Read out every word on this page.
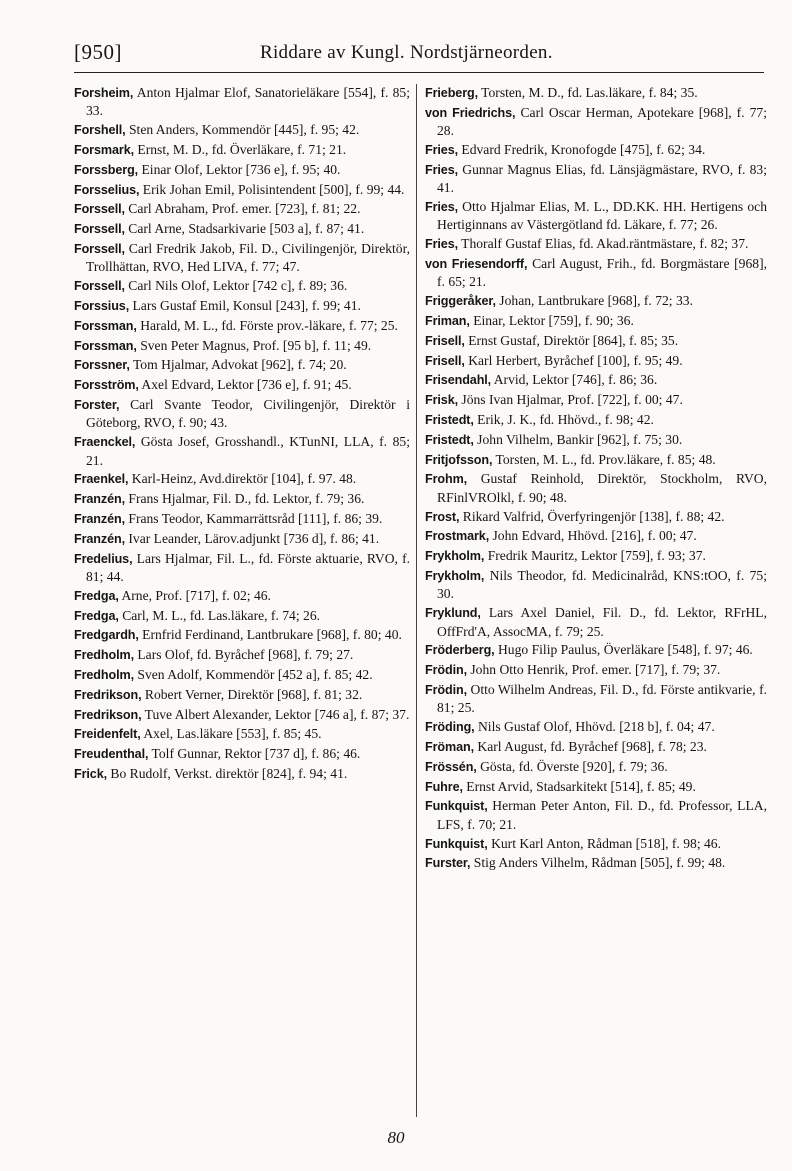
[950]	Riddare av Kungl. Nordstjärneorden.
Forsheim, Anton Hjalmar Elof, Sanatorieläkare [554], f. 85; 33.
Forshell, Sten Anders, Kommendör [445], f. 95; 42.
Forsmark, Ernst, M. D., fd. Överläkare, f. 71; 21.
Forssberg, Einar Olof, Lektor [736 e], f. 95; 40.
Forsselius, Erik Johan Emil, Polisintendent [500], f. 99; 44.
Forssell, Carl Abraham, Prof. emer. [723], f. 81; 22.
Forssell, Carl Arne, Stadsarkivarie [503 a], f. 87; 41.
Forssell, Carl Fredrik Jakob, Fil. D., Civilingenjör, Direktör, Trollhättan, RVO, Hed LIVA, f. 77; 47.
Forssell, Carl Nils Olof, Lektor [742 c], f. 89; 36.
Forssius, Lars Gustaf Emil, Konsul [243], f. 99; 41.
Forssman, Harald, M. L., fd. Förste prov.-läkare, f. 77; 25.
Forssman, Sven Peter Magnus, Prof. [95 b], f. 11; 49.
Forssner, Tom Hjalmar, Advokat [962], f. 74; 20.
Forsström, Axel Edvard, Lektor [736 e], f. 91; 45.
Forster, Carl Svante Teodor, Civilingenjör, Direktör i Göteborg, RVO, f. 90; 43.
Fraenckel, Gösta Josef, Grosshandl., KTunNI, LLA, f. 85; 21.
Fraenkel, Karl-Heinz, Avd.direktör [104], f. 97. 48.
Franzén, Frans Hjalmar, Fil. D., fd. Lektor, f. 79; 36.
Franzén, Frans Teodor, Kammarrättsråd [111], f. 86; 39.
Franzén, Ivar Leander, Lärov.adjunkt [736 d], f. 86; 41.
Fredelius, Lars Hjalmar, Fil. L., fd. Förste aktuarie, RVO, f. 81; 44.
Fredga, Arne, Prof. [717], f. 02; 46.
Fredga, Carl, M. L., fd. Las.läkare, f. 74; 26.
Fredgardh, Ernfrid Ferdinand, Lantbrukare [968], f. 80; 40.
Fredholm, Lars Olof, fd. Byråchef [968], f. 79; 27.
Fredholm, Sven Adolf, Kommendör [452 a], f. 85; 42.
Fredrikson, Robert Verner, Direktör [968], f. 81; 32.
Fredrikson, Tuve Albert Alexander, Lektor [746 a], f. 87; 37.
Freidenfelt, Axel, Las.läkare [553], f. 85; 45.
Freudenthal, Tolf Gunnar, Rektor [737 d], f. 86; 46.
Frick, Bo Rudolf, Verkst. direktör [824], f. 94; 41.
Frieberg, Torsten, M. D., fd. Las.läkare, f. 84; 35.
von Friedrichs, Carl Oscar Herman, Apotekare [968], f. 77; 28.
Fries, Edvard Fredrik, Kronofogde [475], f. 62; 34.
Fries, Gunnar Magnus Elias, fd. Länsjägmästare, RVO, f. 83; 41.
Fries, Otto Hjalmar Elias, M. L., DD.KK. HH. Hertigens och Hertiginnans av Västergötland fd. Läkare, f. 77; 26.
Fries, Thoralf Gustaf Elias, fd. Akad.räntmästare, f. 82; 37.
von Friesendorff, Carl August, Frih., fd. Borgmästare [968], f. 65; 21.
Friggeråker, Johan, Lantbrukare [968], f. 72; 33.
Friman, Einar, Lektor [759], f. 90; 36.
Frisell, Ernst Gustaf, Direktör [864], f. 85; 35.
Frisell, Karl Herbert, Byråchef [100], f. 95; 49.
Frisendahl, Arvid, Lektor [746], f. 86; 36.
Frisk, Jöns Ivan Hjalmar, Prof. [722], f. 00; 47.
Fristedt, Erik, J. K., fd. Hhövd., f. 98; 42.
Fristedt, John Vilhelm, Bankir [962], f. 75; 30.
Fritjofsson, Torsten, M. L., fd. Prov.läkare, f. 85; 48.
Frohm, Gustaf Reinhold, Direktör, Stockholm, RVO, RFinlVROlkl, f. 90; 48.
Frost, Rikard Valfrid, Överfyringenjör [138], f. 88; 42.
Frostmark, John Edvard, Hhövd. [216], f. 00; 47.
Frykholm, Fredrik Mauritz, Lektor [759], f. 93; 37.
Frykholm, Nils Theodor, fd. Medicinalråd, KNS:tOO, f. 75; 30.
Fryklund, Lars Axel Daniel, Fil. D., fd. Lektor, RFrHL, OffFrd'A, AssocMA, f. 79; 25.
Fröderberg, Hugo Filip Paulus, Överläkare [548], f. 97; 46.
Frödin, John Otto Henrik, Prof. emer. [717], f. 79; 37.
Frödin, Otto Wilhelm Andreas, Fil. D., fd. Förste antikvarie, f. 81; 25.
Fröding, Nils Gustaf Olof, Hhövd. [218 b], f. 04; 47.
Fröman, Karl August, fd. Byråchef [968], f. 78; 23.
Frössén, Gösta, fd. Överste [920], f. 79; 36.
Fuhre, Ernst Arvid, Stadsarkitekt [514], f. 85; 49.
Funkquist, Herman Peter Anton, Fil. D., fd. Professor, LLA, LFS, f. 70; 21.
Funkquist, Kurt Karl Anton, Rådman [518], f. 98; 46.
Furster, Stig Anders Vilhelm, Rådman [505], f. 99; 48.
80
